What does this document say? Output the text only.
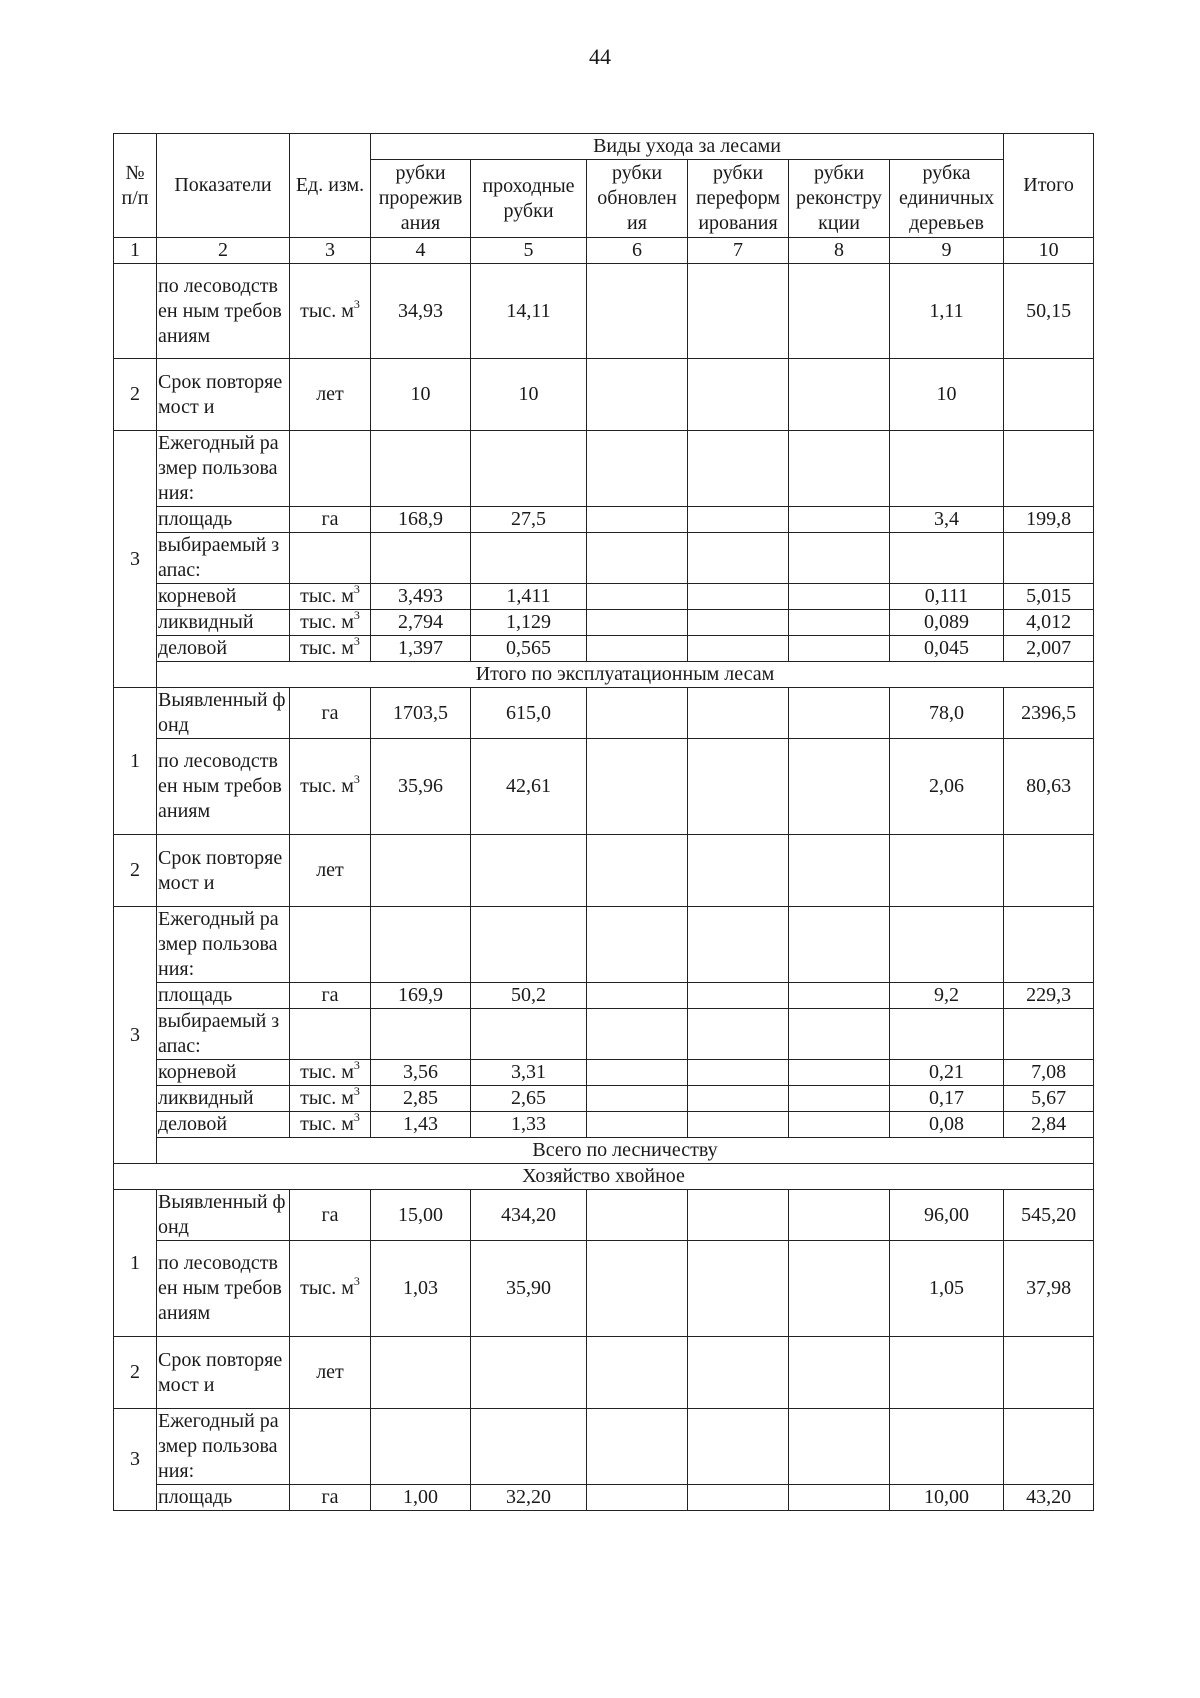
44
№ п/п	Показатели	Ед. изм.	Виды ухода за лесами						Итого
			рубки прорежив ания	проходные рубки	рубки обновлен ия	рубки переформ ирования	рубки реконстру кции	рубка единичных деревьев	
1	2	3	4	5	6	7	8	9	10
	по лесоводствен ным требованиям	тыс. $м^3$	34,93	14,11				1,11	50,15
2	Срок повторяемост и	лет	10	10				10	
3	Ежегодный размер пользования:								
	площадь	га	168,9	27,5				3,4	199,8
	выбираемый запас:								
	корневой	тыс. $м^3$	3,493	1,411				0,111	5,015
	ликвидный	тыс. $м^3$	2,794	1,129				0,089	4,012
	деловой	тыс. $м^3$	1,397	0,565				0,045	2,007
	Итого по эксплуатационным лесам								
1	Выявленный фонд	га	1703,5	615,0				78,0	2396,5
	по лесоводствен ным требованиям	тыс. $м^3$	35,96	42,61				2,06	80,63
2	Срок повторяемост и	лет							
3	Ежегодный размер пользования:								
	площадь	га	169,9	50,2				9,2	229,3
	выбираемый запас:								
	корневой	тыс. $м^3$	3,56	3,31				0,21	7,08
	ликвидный	тыс. $м^3$	2,85	2,65				0,17	5,67
	деловой	тыс. $м^3$	1,43	1,33				0,08	2,84
	Всего по лесничеству								
Хозяйство хвойное									
1	Выявленный фонд	га	15,00	434,20				96,00	545,20
	по лесоводствен ным требованиям	тыс. $м^3$	1,03	35,90				1,05	37,98
2	Срок повторяемост и	лет							
3	Ежегодный размер пользования:								
	площадь	га	1,00	32,20				10,00	43,20
